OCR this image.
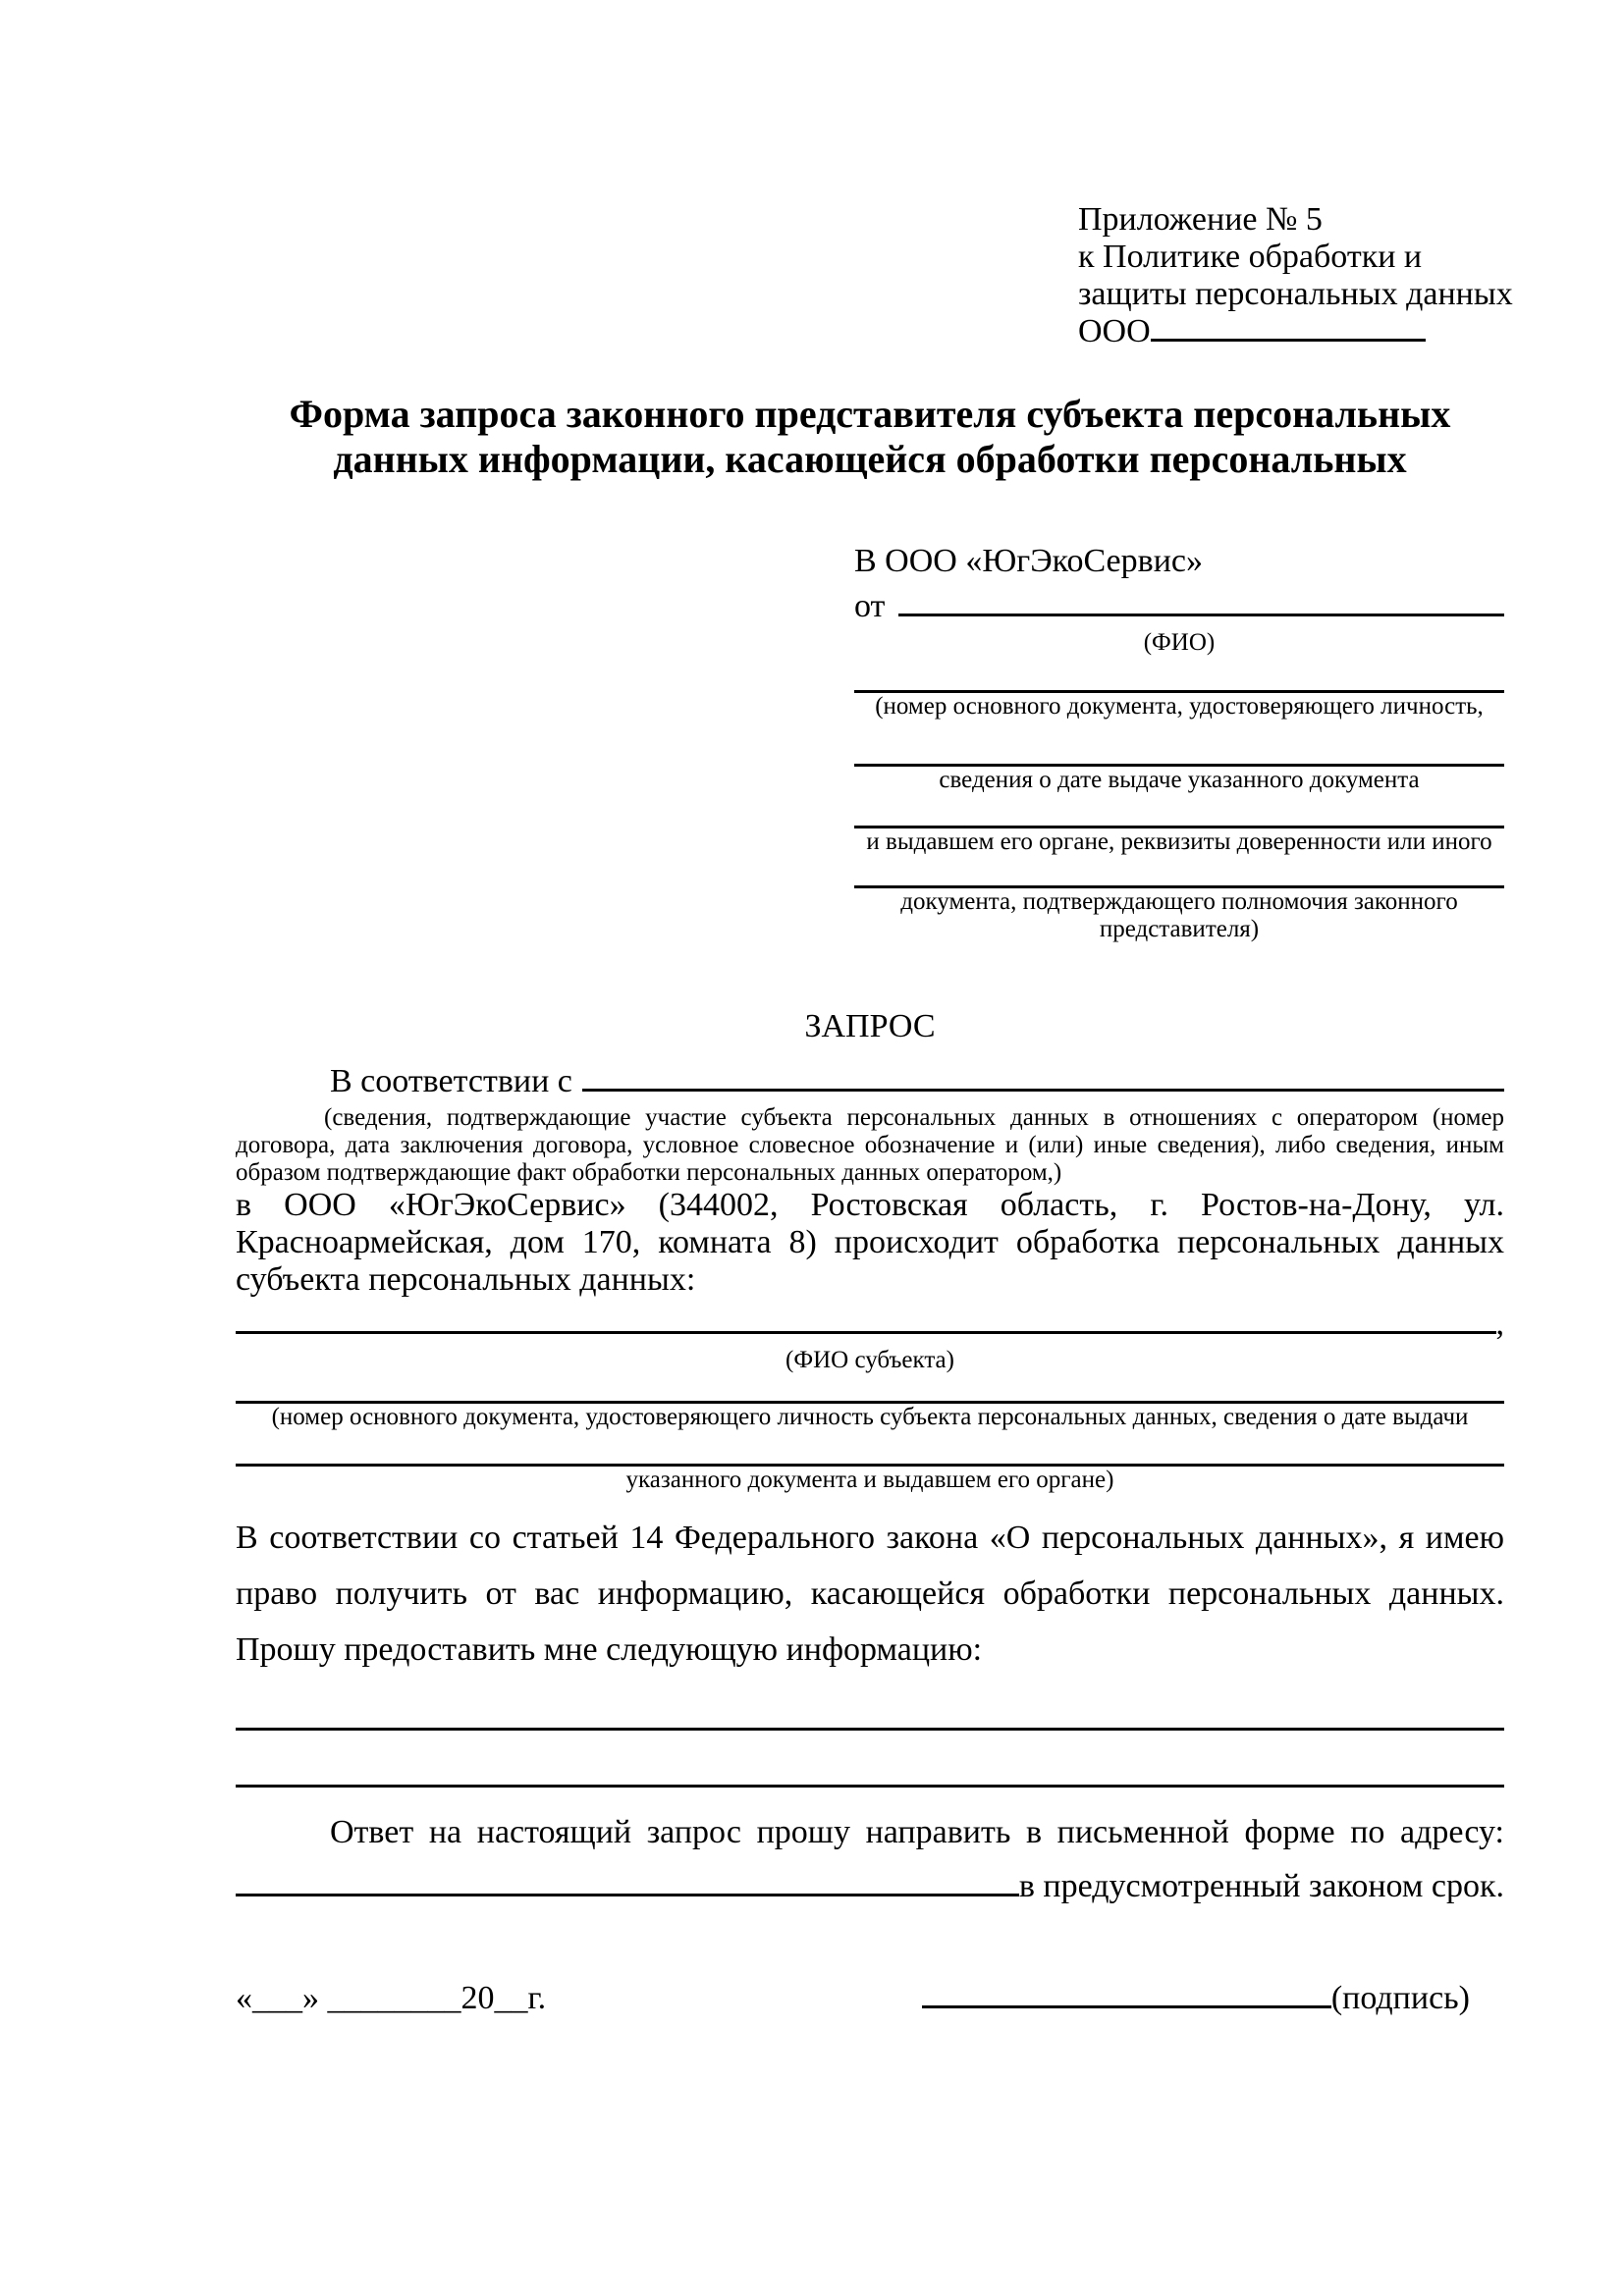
Приложение № 5
к Политике обработки и
защиты персональных данных
ООО
Форма запроса законного представителя субъекта персональных
данных информации, касающейся обработки персональных
В ООО «ЮгЭкоСервис»
от
(ФИО)
(номер основного документа, удостоверяющего личность,
сведения о дате выдаче указанного документа
и выдавшем его органе, реквизиты доверенности или иного
документа, подтверждающего полномочия законного представителя)
ЗАПРОС
В соответствии с
(сведения, подтверждающие участие субъекта персональных данных в отношениях с оператором (номер договора, дата заключения договора, условное словесное обозначение и (или) иные сведения), либо сведения, иным образом подтверждающие факт обработки персональных данных оператором,)

в ООО «ЮгЭкоСервис» (344002, Ростовская область, г. Ростов-на-Дону, ул. Красноармейская, дом 170, комната 8) происходит обработка персональных данных субъекта персональных данных:

,
(ФИО субъекта)
(номер основного документа, удостоверяющего личность субъекта персональных данных, сведения о дате выдачи
указанного документа и выдавшем его органе)

В соответствии со статьей 14 Федерального закона «О персональных данных», я имею право получить от вас информацию, касающейся обработки персональных данных. Прошу предоставить мне следующую информацию:

Ответ на настоящий запрос прошу направить в письменной форме по адресу:

в предусмотренный законом срок.
«___» ________20__г.	(подпись)
